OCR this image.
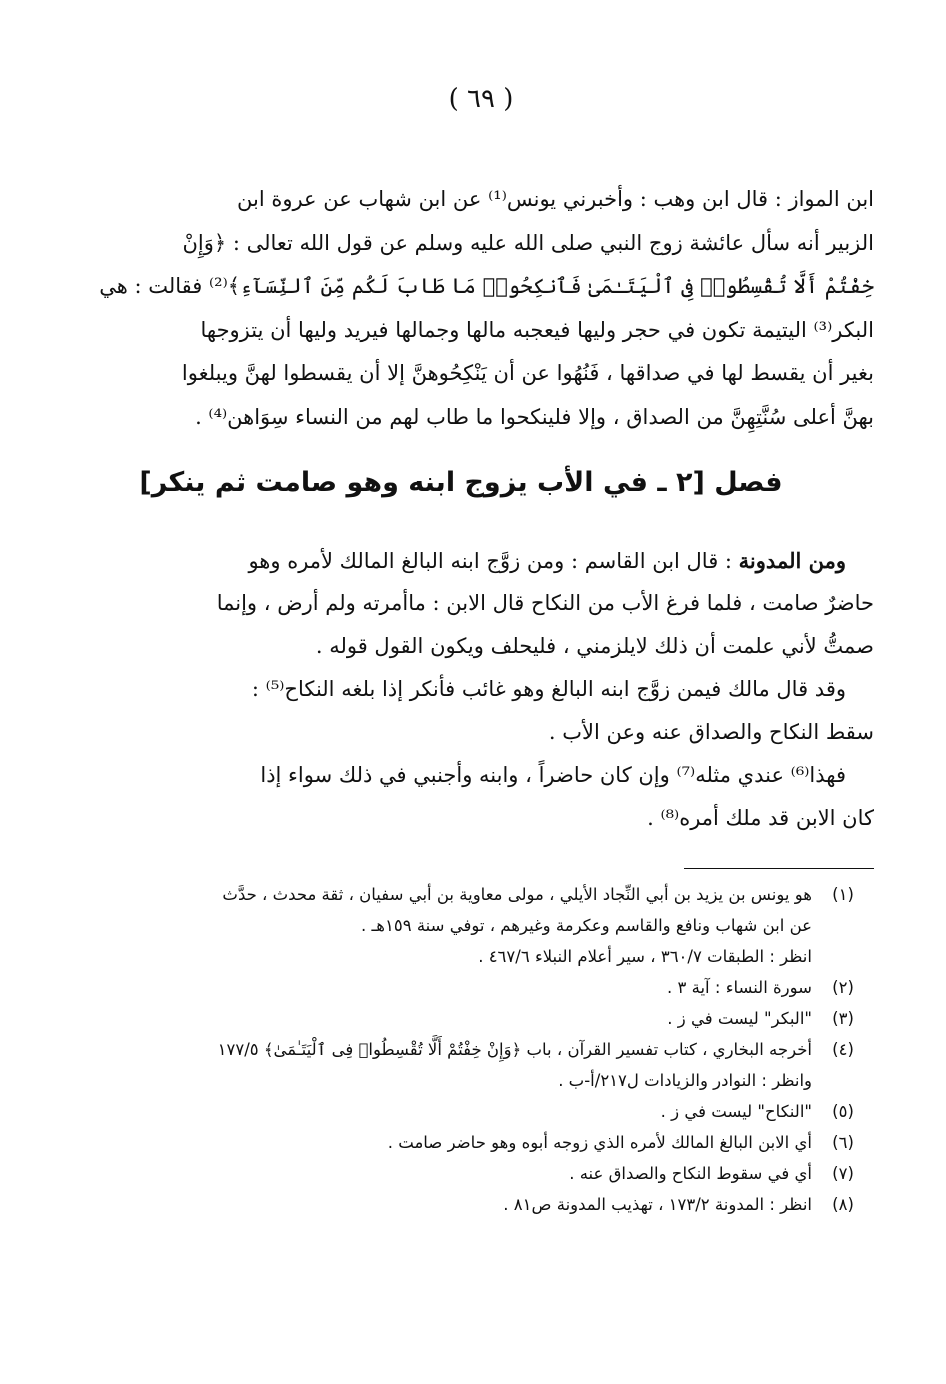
( ٦٩ )
ابن المواز : قال ابن وهب : وأخبرني يونس⁽¹⁾ عن ابن شهاب عن عروة ابن
الزبير أنه سأل عائشة زوج النبي صلى الله عليه وسلم عن قول الله تعالى : ﴿وَإِنْ
خِفْتُمْ أَلَّا تُقْسِطُوا۟ فِى ٱلْيَتَـٰمَىٰ فَٱنكِحُوا۟ مَا طَابَ لَكُم مِّنَ ٱلنِّسَآءِ﴾⁽²⁾ فقالت : هي
البكر⁽³⁾ اليتيمة تكون في حجر وليها فيعجبه مالها وجمالها فيريد وليها أن يتزوجها
بغير أن يقسط لها في صداقها ، فَنُهُوا عن أن يَنْكِحُوهنَّ إلا أن يقسطوا لهنَّ ويبلغوا
بهنَّ أعلى سُنَّتِهِنَّ من الصداق ، وإلا فلينكحوا ما طاب لهم من النساء سِوَاهن⁽⁴⁾ .
فصل [٢ ـ في الأب يزوج ابنه وهو صامت ثم ينكر]
ومن المدونة : قال ابن القاسم : ومن زوَّج ابنه البالغ المالك لأمره وهو
حاضرٌ صامت ، فلما فرغ الأب من النكاح قال الابن : ماأمرته ولم أرض ، وإنما
صمتُّ لأني علمت أن ذلك لايلزمني ، فليحلف ويكون القول قوله .
وقد قال مالك فيمن زوَّج ابنه البالغ وهو غائب فأنكر إذا بلغه النكاح⁽⁵⁾ :
سقط النكاح والصداق عنه وعن الأب .
فهذا⁽⁶⁾ عندي مثله⁽⁷⁾ وإن كان حاضراً ، وابنه وأجنبي في ذلك سواء إذا
كان الابن قد ملك أمره⁽⁸⁾ .
(١)
هو يونس بن يزيد بن أبي النِّجاد الأيلي ، مولى معاوية بن أبي سفيان ، ثقة محدث ، حدَّث
عن ابن شهاب ونافع والقاسم وعكرمة وغيرهم ، توفي سنة ١٥٩هـ .
انظر : الطبقات ٣٦٠/٧ ، سير أعلام النبلاء ٤٦٧/٦ .
(٢)
سورة النساء : آية ٣ .
(٣)
"البكر" ليست في ز .
(٤)
أخرجه البخاري ، كتاب تفسير القرآن ، باب ﴿وَإِنْ خِفْتُمْ أَلَّا تُقْسِطُوا۟ فِى ٱلْيَتَـٰمَىٰ﴾ ١٧٧/٥
وانظر : النوادر والزيادات ل٢١٧/أ-ب .
(٥)
"النكاح" ليست في ز .
(٦)
أي الابن البالغ المالك لأمره الذي زوجه أبوه وهو حاضر صامت .
(٧)
أي في سقوط النكاح والصداق عنه .
(٨)
انظر : المدونة ١٧٣/٢ ، تهذيب المدونة ص٨١ .
